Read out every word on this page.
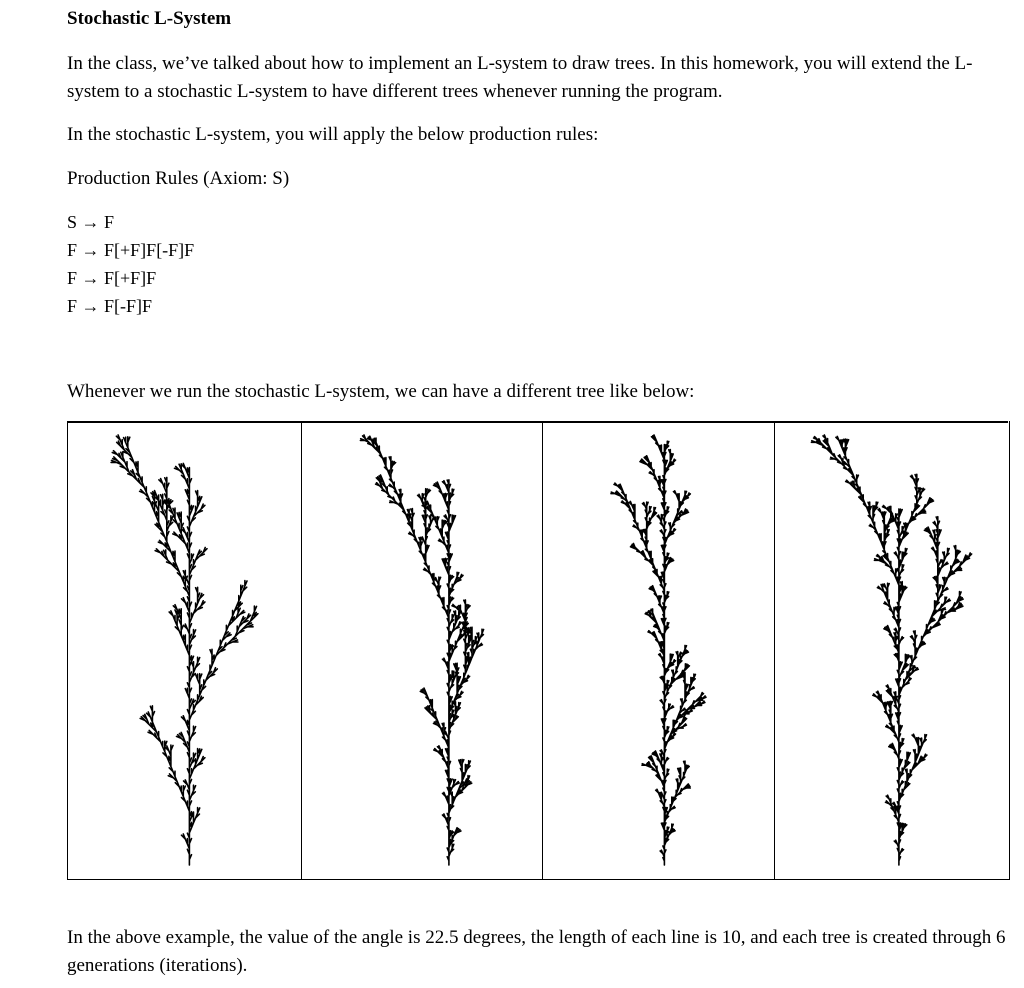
Stochastic L-System
In the class, we’ve talked about how to implement an L-system to draw trees. In this homework, you will extend the L-system to a stochastic L-system to have different trees whenever running the program.
In the stochastic L-system, you will apply the below production rules:
Production Rules (Axiom: S)
S → F
F → F[+F]F[-F]F
F → F[+F]F
F → F[-F]F
Whenever we run the stochastic L-system, we can have a different tree like below:
In the above example, the value of the angle is 22.5 degrees, the length of each line is 10, and each tree is created through 6 generations (iterations).
